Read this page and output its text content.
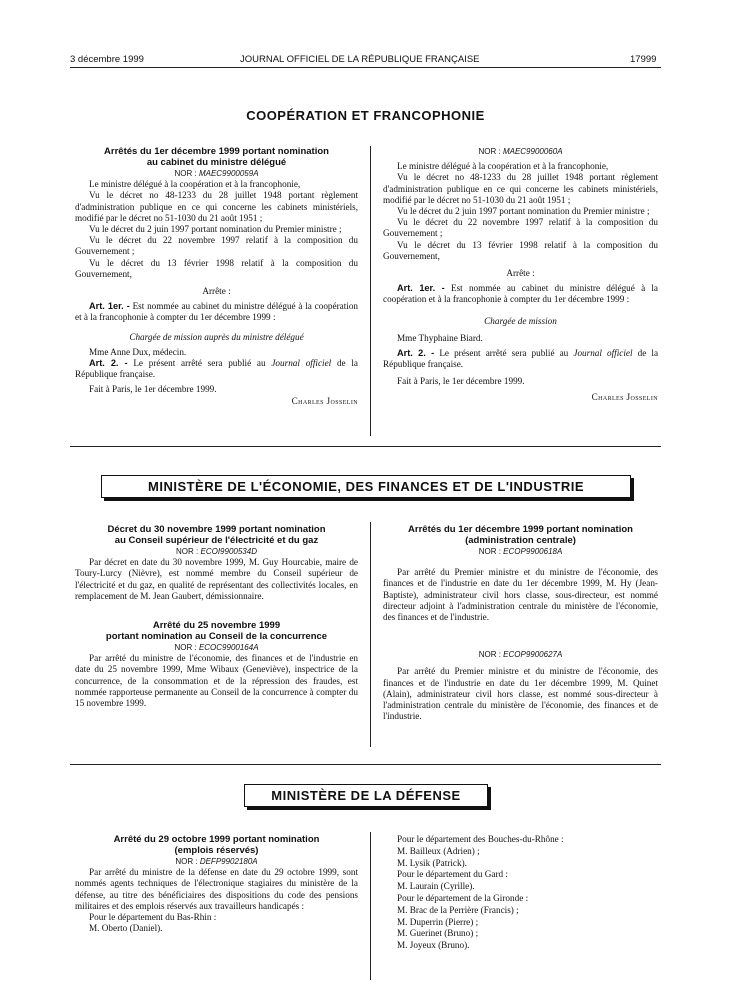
3 décembre 1999	JOURNAL OFFICIEL DE LA RÉPUBLIQUE FRANÇAISE	17999
COOPÉRATION ET FRANCOPHONIE

Arrêtés du 1er décembre 1999 portant nomination

au cabinet du ministre délégué

NOR : MAEC9900059A

Le ministre délégué à la coopération et à la francophonie,

Vu le décret no 48-1233 du 28 juillet 1948 portant règlement d'administration publique en ce qui concerne les cabinets ministériels, modifié par le décret no 51-1030 du 21 août 1951 ;

Vu le décret du 2 juin 1997 portant nomination du Premier ministre ;

Vu le décret du 22 novembre 1997 relatif à la composition du Gouvernement ;

Vu le décret du 13 février 1998 relatif à la composition du Gouvernement,

Arrête :

Art. 1er. - Est nommée au cabinet du ministre délégué à la coopération et à la francophonie à compter du 1er décembre 1999 :

Chargée de mission auprès du ministre délégué

Mme Anne Dux, médecin.

Art. 2. - Le présent arrêté sera publié au Journal officiel de la République française.

Fait à Paris, le 1er décembre 1999.

Charles Josselin

NOR : MAEC9900060A

Le ministre délégué à la coopération et à la francophonie,

Vu le décret no 48-1233 du 28 juillet 1948 portant règlement d'administration publique en ce qui concerne les cabinets ministériels, modifié par le décret no 51-1030 du 21 août 1951 ;

Vu le décret du 2 juin 1997 portant nomination du Premier ministre ;

Vu le décret du 22 novembre 1997 relatif à la composition du Gouvernement ;

Vu le décret du 13 février 1998 relatif à la composition du Gouvernement,

Arrête :

Art. 1er. - Est nommée au cabinet du ministre délégué à la coopération et à la francophonie à compter du 1er décembre 1999 :

Chargée de mission

Mme Thyphaine Biard.

Art. 2. - Le présent arrêté sera publié au Journal officiel de la République française.

Fait à Paris, le 1er décembre 1999.

Charles Josselin

MINISTÈRE DE L'ÉCONOMIE, DES FINANCES ET DE L'INDUSTRIE

Décret du 30 novembre 1999 portant nomination

au Conseil supérieur de l'électricité et du gaz

NOR : ECOI9900534D

Par décret en date du 30 novembre 1999, M. Guy Hourcabie, maire de Toury-Lurcy (Nièvre), est nommé membre du Conseil supérieur de l'électricité et du gaz, en qualité de représentant des collectivités locales, en remplacement de M. Jean Gaubert, démissionnaire.

Arrêté du 25 novembre 1999

portant nomination au Conseil de la concurrence

NOR : ECOC9900164A

Par arrêté du ministre de l'économie, des finances et de l'industrie en date du 25 novembre 1999, Mme Wibaux (Geneviève), inspectrice de la concurrence, de la consommation et de la répression des fraudes, est nommée rapporteuse permanente au Conseil de la concurrence à compter du 15 novembre 1999.

Arrêtés du 1er décembre 1999 portant nomination

(administration centrale)

NOR : ECOP9900618A

Par arrêté du Premier ministre et du ministre de l'économie, des finances et de l'industrie en date du 1er décembre 1999, M. Hy (Jean-Baptiste), administrateur civil hors classe, sous-directeur, est nommé directeur adjoint à l'administration centrale du ministère de l'économie, des finances et de l'industrie.

NOR : ECOP9900627A

Par arrêté du Premier ministre et du ministre de l'économie, des finances et de l'industrie en date du 1er décembre 1999, M. Quinet (Alain), administrateur civil hors classe, est nommé sous-directeur à l'administration centrale du ministère de l'économie, des finances et de l'industrie.

MINISTÈRE DE LA DÉFENSE

Arrêté du 29 octobre 1999 portant nomination

(emplois réservés)

NOR : DEFP9902180A

Par arrêté du ministre de la défense en date du 29 octobre 1999, sont nommés agents techniques de l'électronique stagiaires du ministère de la défense, au titre des bénéficiaires des dispositions du code des pensions militaires et des emplois réservés aux travailleurs handicapés :

Pour le département du Bas-Rhin :

M. Oberto (Daniel).

Pour le département des Bouches-du-Rhône :

M. Bailleux (Adrien) ;

M. Lysik (Patrick).

Pour le département du Gard :

M. Laurain (Cyrille).

Pour le département de la Gironde :

M. Brac de la Perrière (Francis) ;

M. Duperrin (Pierre) ;

M. Guerinet (Bruno) ;

M. Joyeux (Bruno).
